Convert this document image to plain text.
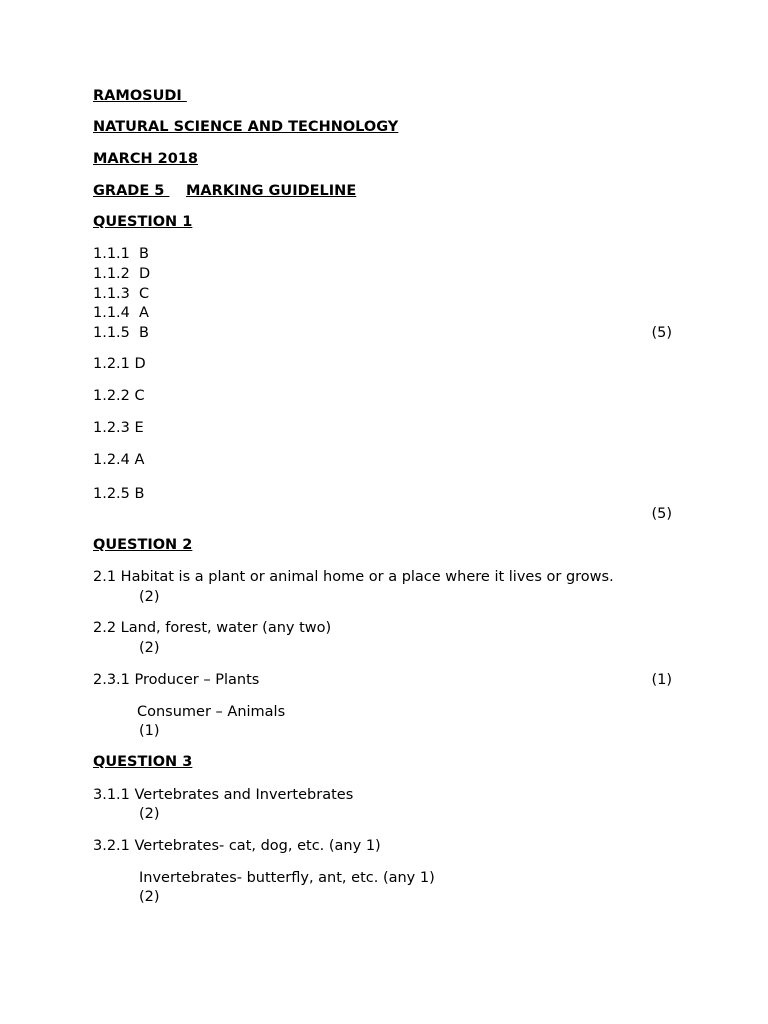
RAMOSUDI
NATURAL SCIENCE AND TECHNOLOGY
MARCH 2018
GRADE 5 MARKING GUIDELINE
QUESTION 1
1.1.1 B
1.1.2 D
1.1.3 C
1.1.4 A
1.1.5 B	(5)
1.2.1 D
1.2.2 C
1.2.3 E
1.2.4 A
1.2.5 B
(5)
QUESTION 2
2.1 Habitat is a plant or animal home or a place where it lives or grows.
(2)
2.2 Land, forest, water (any two)
(2)
2.3.1 Producer – Plants	(1)
Consumer – Animals
(1)
QUESTION 3
3.1.1 Vertebrates and Invertebrates
(2)
3.2.1 Vertebrates- cat, dog, etc. (any 1)
Invertebrates- butterfly, ant, etc. (any 1)
(2)
